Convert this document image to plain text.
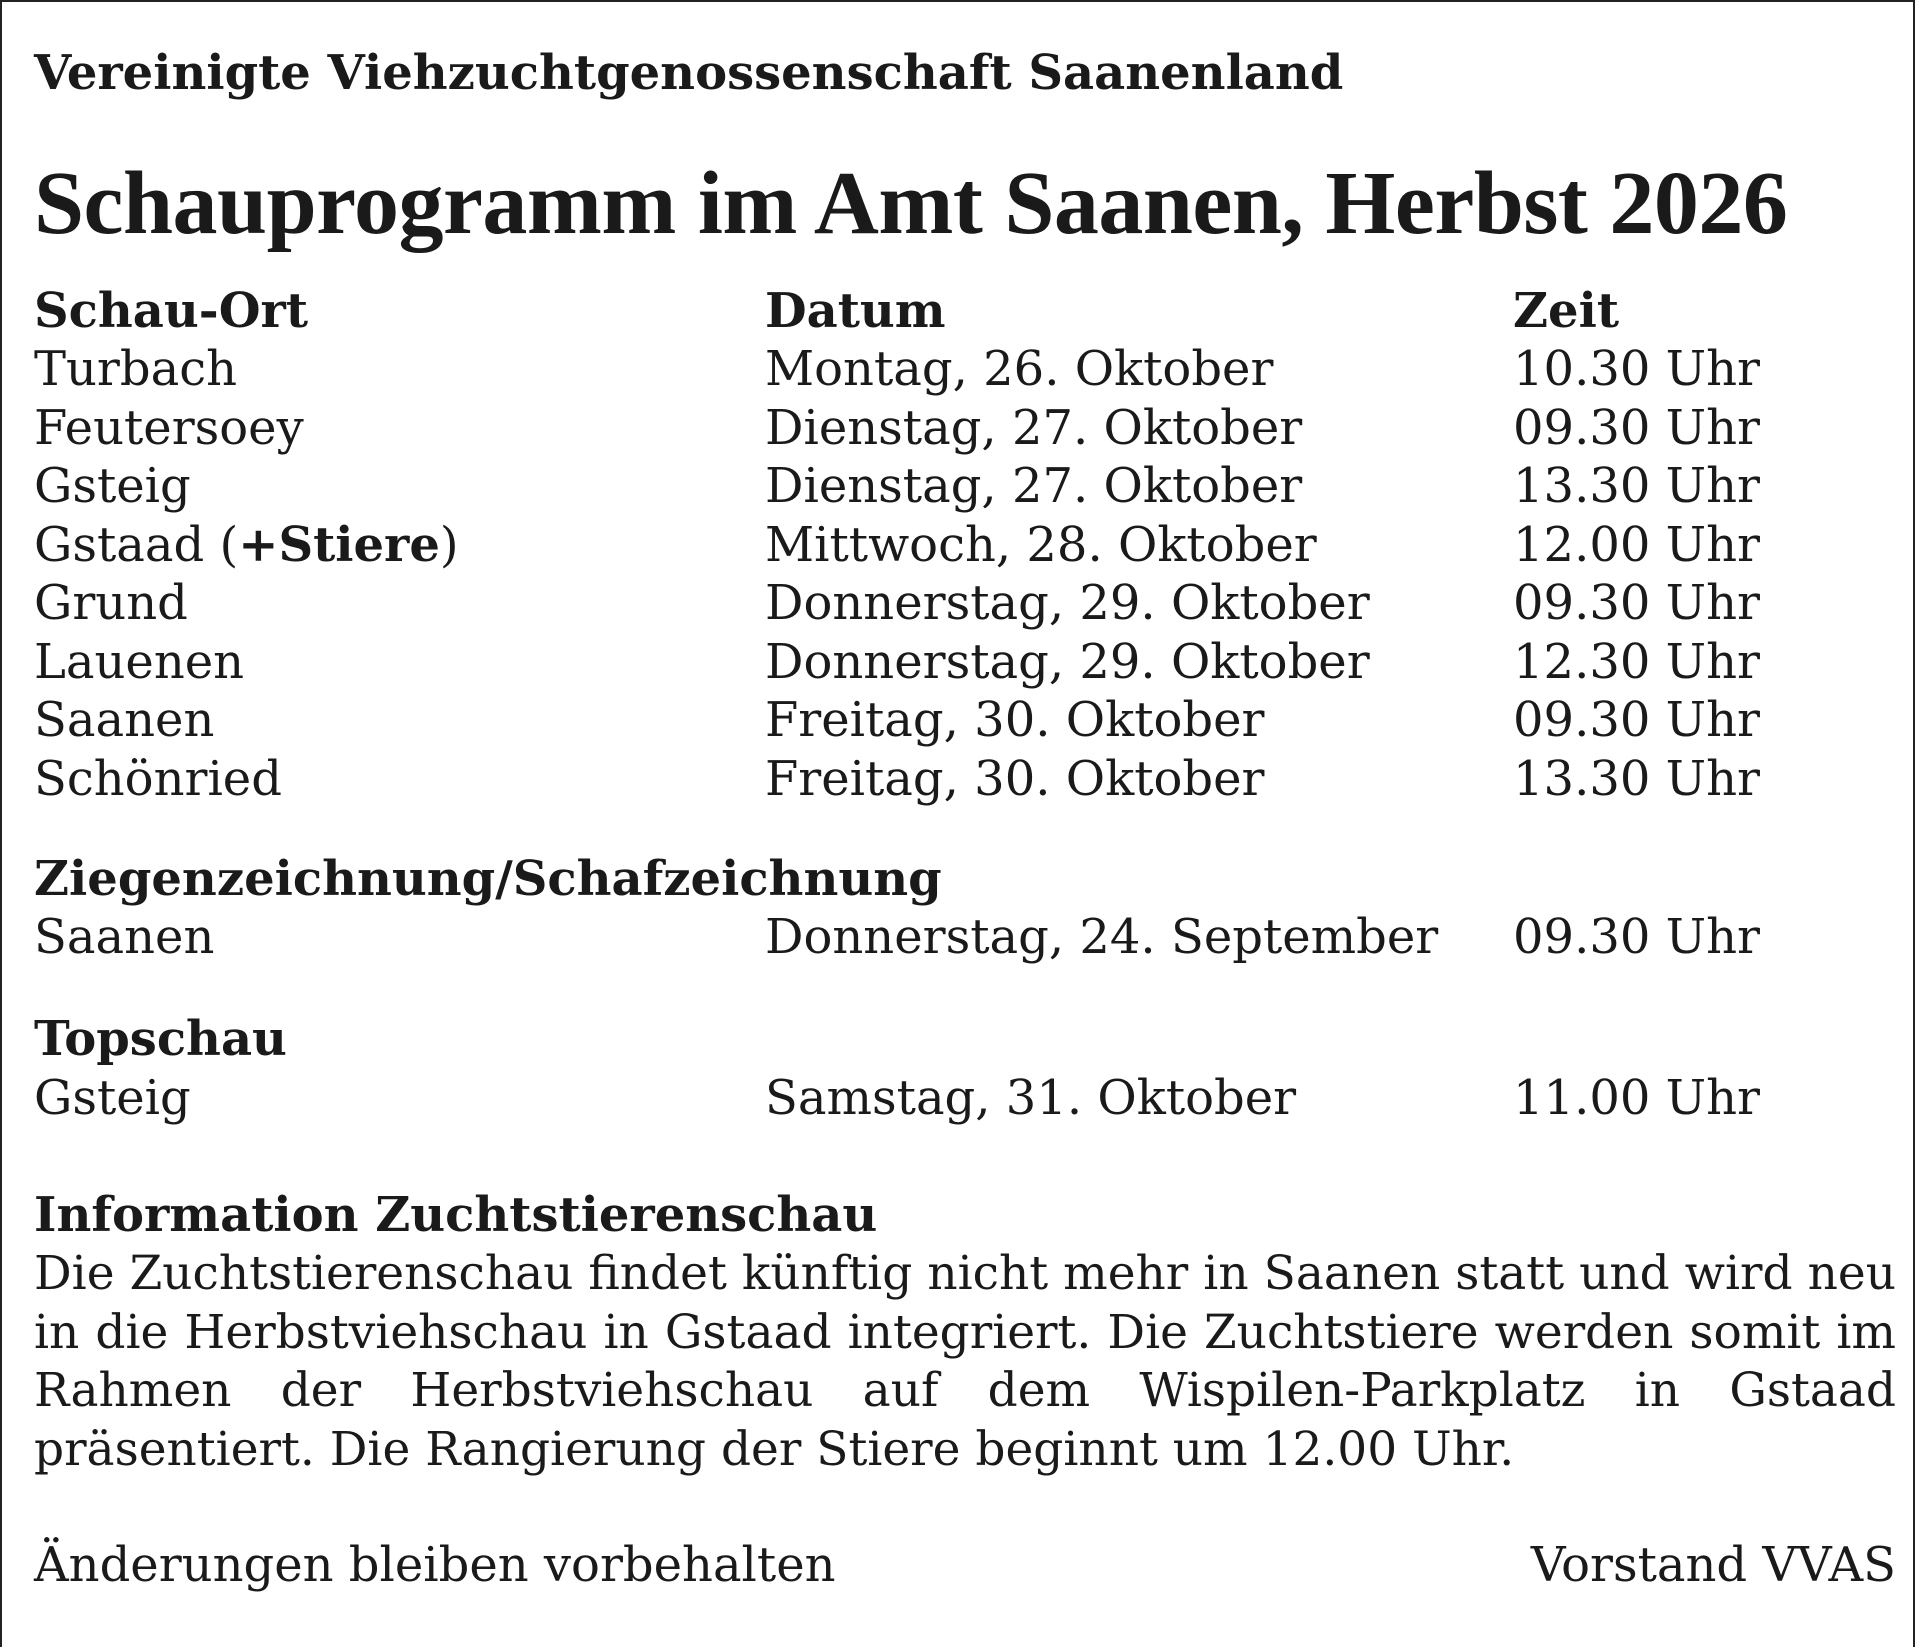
Vereinigte Viehzuchtgenossenschaft Saanenland
Schauprogramm im Amt Saanen, Herbst 2026
Schau-Ort	Datum	Zeit
Turbach	Montag, 26. Oktober	10.30 Uhr
Feutersoey	Dienstag, 27. Oktober	09.30 Uhr
Gsteig	Dienstag, 27. Oktober	13.30 Uhr
Gstaad (+Stiere)	Mittwoch, 28. Oktober	12.00 Uhr
Grund	Donnerstag, 29. Oktober	09.30 Uhr
Lauenen	Donnerstag, 29. Oktober	12.30 Uhr
Saanen	Freitag, 30. Oktober	09.30 Uhr
Schönried	Freitag, 30. Oktober	13.30 Uhr
Ziegenzeichnung/Schafzeichnung
Saanen	Donnerstag, 24. September 09.30 Uhr
Topschau
Gsteig	Samstag, 31. Oktober	11.00 Uhr
Information Zuchtstierenschau

Die Zuchtstierenschau findet künftig nicht mehr in Saanen statt und wird neu in die Herbstviehschau in Gstaad integriert. Die Zuchtstiere werden somit im Rahmen der Herbstviehschau auf dem Wispilen-Parkplatz in Gstaad präsentiert. Die Rangierung der Stiere beginnt um 12.00 Uhr.

Änderungen bleiben vorbehalten	Vorstand VVAS
